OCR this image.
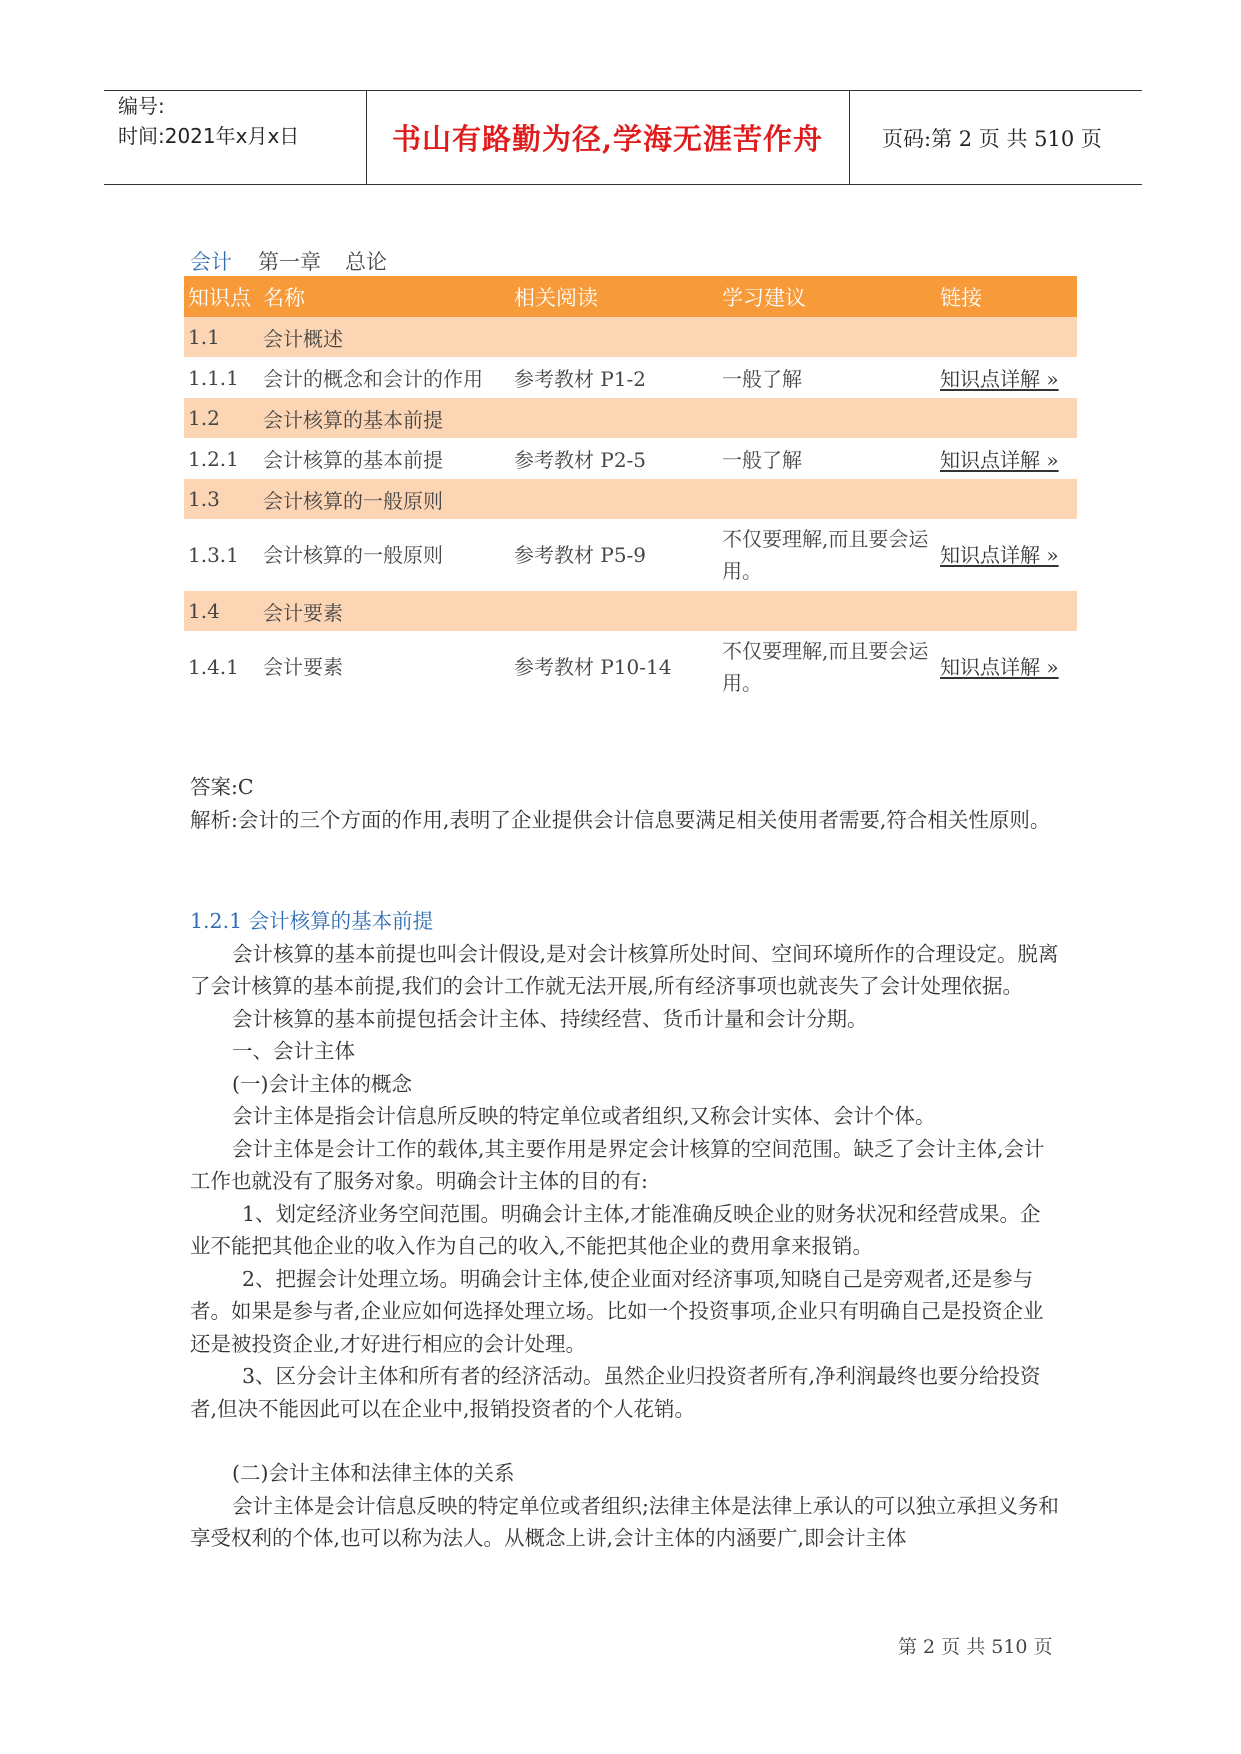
编号:
时间:2021年x月x日	书山有路勤为径,学海无涯苦作舟	页码:第 2 页 共 510 页
会计 第一章 总论
知识点	名称	相关阅读	学习建议	链接
1.1	会计概述			
1.1.1	会计的概念和会计的作用	参考教材 P1-2	一般了解	知识点详解 »
1.2	会计核算的基本前提			
1.2.1	会计核算的基本前提	参考教材 P2-5	一般了解	知识点详解 »
1.3	会计核算的一般原则			
1.3.1	会计核算的一般原则	参考教材 P5-9	不仅要理解,而且要会运用。	知识点详解 »
1.4	会计要素			
1.4.1	会计要素	参考教材 P10-14	不仅要理解,而且要会运用。	知识点详解 »

答案:C

解析:会计的三个方面的作用,表明了企业提供会计信息要满足相关使用者需要,符合相关性原则。

1.2.1 会计核算的基本前提

会计核算的基本前提也叫会计假设,是对会计核算所处时间、空间环境所作的合理设定。脱离了会计核算的基本前提,我们的会计工作就无法开展,所有经济事项也就丧失了会计处理依据。

会计核算的基本前提包括会计主体、持续经营、货币计量和会计分期。

一、会计主体

(一)会计主体的概念

会计主体是指会计信息所反映的特定单位或者组织,又称会计实体、会计个体。

会计主体是会计工作的载体,其主要作用是界定会计核算的空间范围。缺乏了会计主体,会计工作也就没有了服务对象。明确会计主体的目的有:

1、划定经济业务空间范围。明确会计主体,才能准确反映企业的财务状况和经营成果。企业不能把其他企业的收入作为自己的收入,不能把其他企业的费用拿来报销。

2、把握会计处理立场。明确会计主体,使企业面对经济事项,知晓自己是旁观者,还是参与者。如果是参与者,企业应如何选择处理立场。比如一个投资事项,企业只有明确自己是投资企业还是被投资企业,才好进行相应的会计处理。

3、区分会计主体和所有者的经济活动。虽然企业归投资者所有,净利润最终也要分给投资者,但决不能因此可以在企业中,报销投资者的个人花销。

(二)会计主体和法律主体的关系

会计主体是会计信息反映的特定单位或者组织;法律主体是法律上承认的可以独立承担义务和享受权利的个体,也可以称为法人。从概念上讲,会计主体的内涵要广,即会计主体

第 2 页 共 510 页
